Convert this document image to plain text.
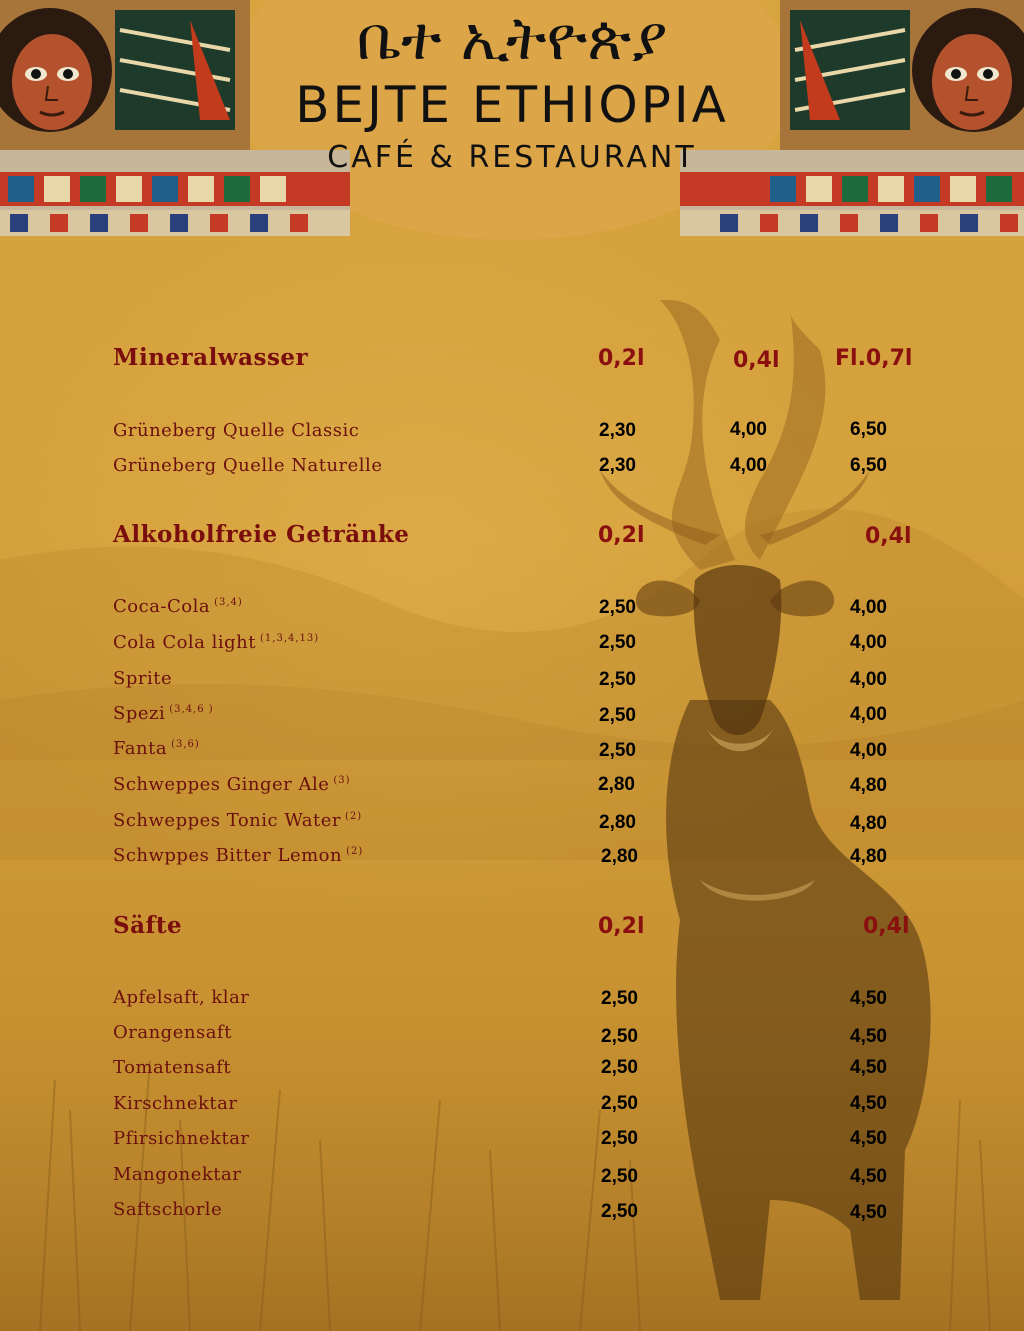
ቤተ ኢትዮጵያ
BEJTE ETHIOPIA
CAFÉ & RESTAURANT
Mineralwasser	0,2l	0,4l	Fl.0,7l
Grüneberg Quelle Classic	2,30	4,00	6,50
Grüneberg Quelle Naturelle	2,30	4,00	6,50
Alkoholfreie Getränke	0,2l	0,4l
Coca-Cola $^{(3,4)}$	2,50	4,00
Cola Cola light $^{(1,3,4,13)}$	2,50	4,00
Sprite	2,50	4,00
Spezi $^{(3,4,6 )}$	2,50	4,00
Fanta $^{(3,6)}$	2,50	4,00
Schweppes Ginger Ale $^{(3)}$	2,80	4,80
Schweppes Tonic Water $^{(2)}$	2,80	4,80
Schwppes Bitter Lemon $^{(2)}$	2,80	4,80
Säfte	0,2l	0,4l
Apfelsaft, klar	2,50	4,50
Orangensaft	2,50	4,50
Tomatensaft	2,50	4,50
Kirschnektar	2,50	4,50
Pfirsichnektar	2,50	4,50
Mangonektar	2,50	4,50
Saftschorle	2,50	4,50
